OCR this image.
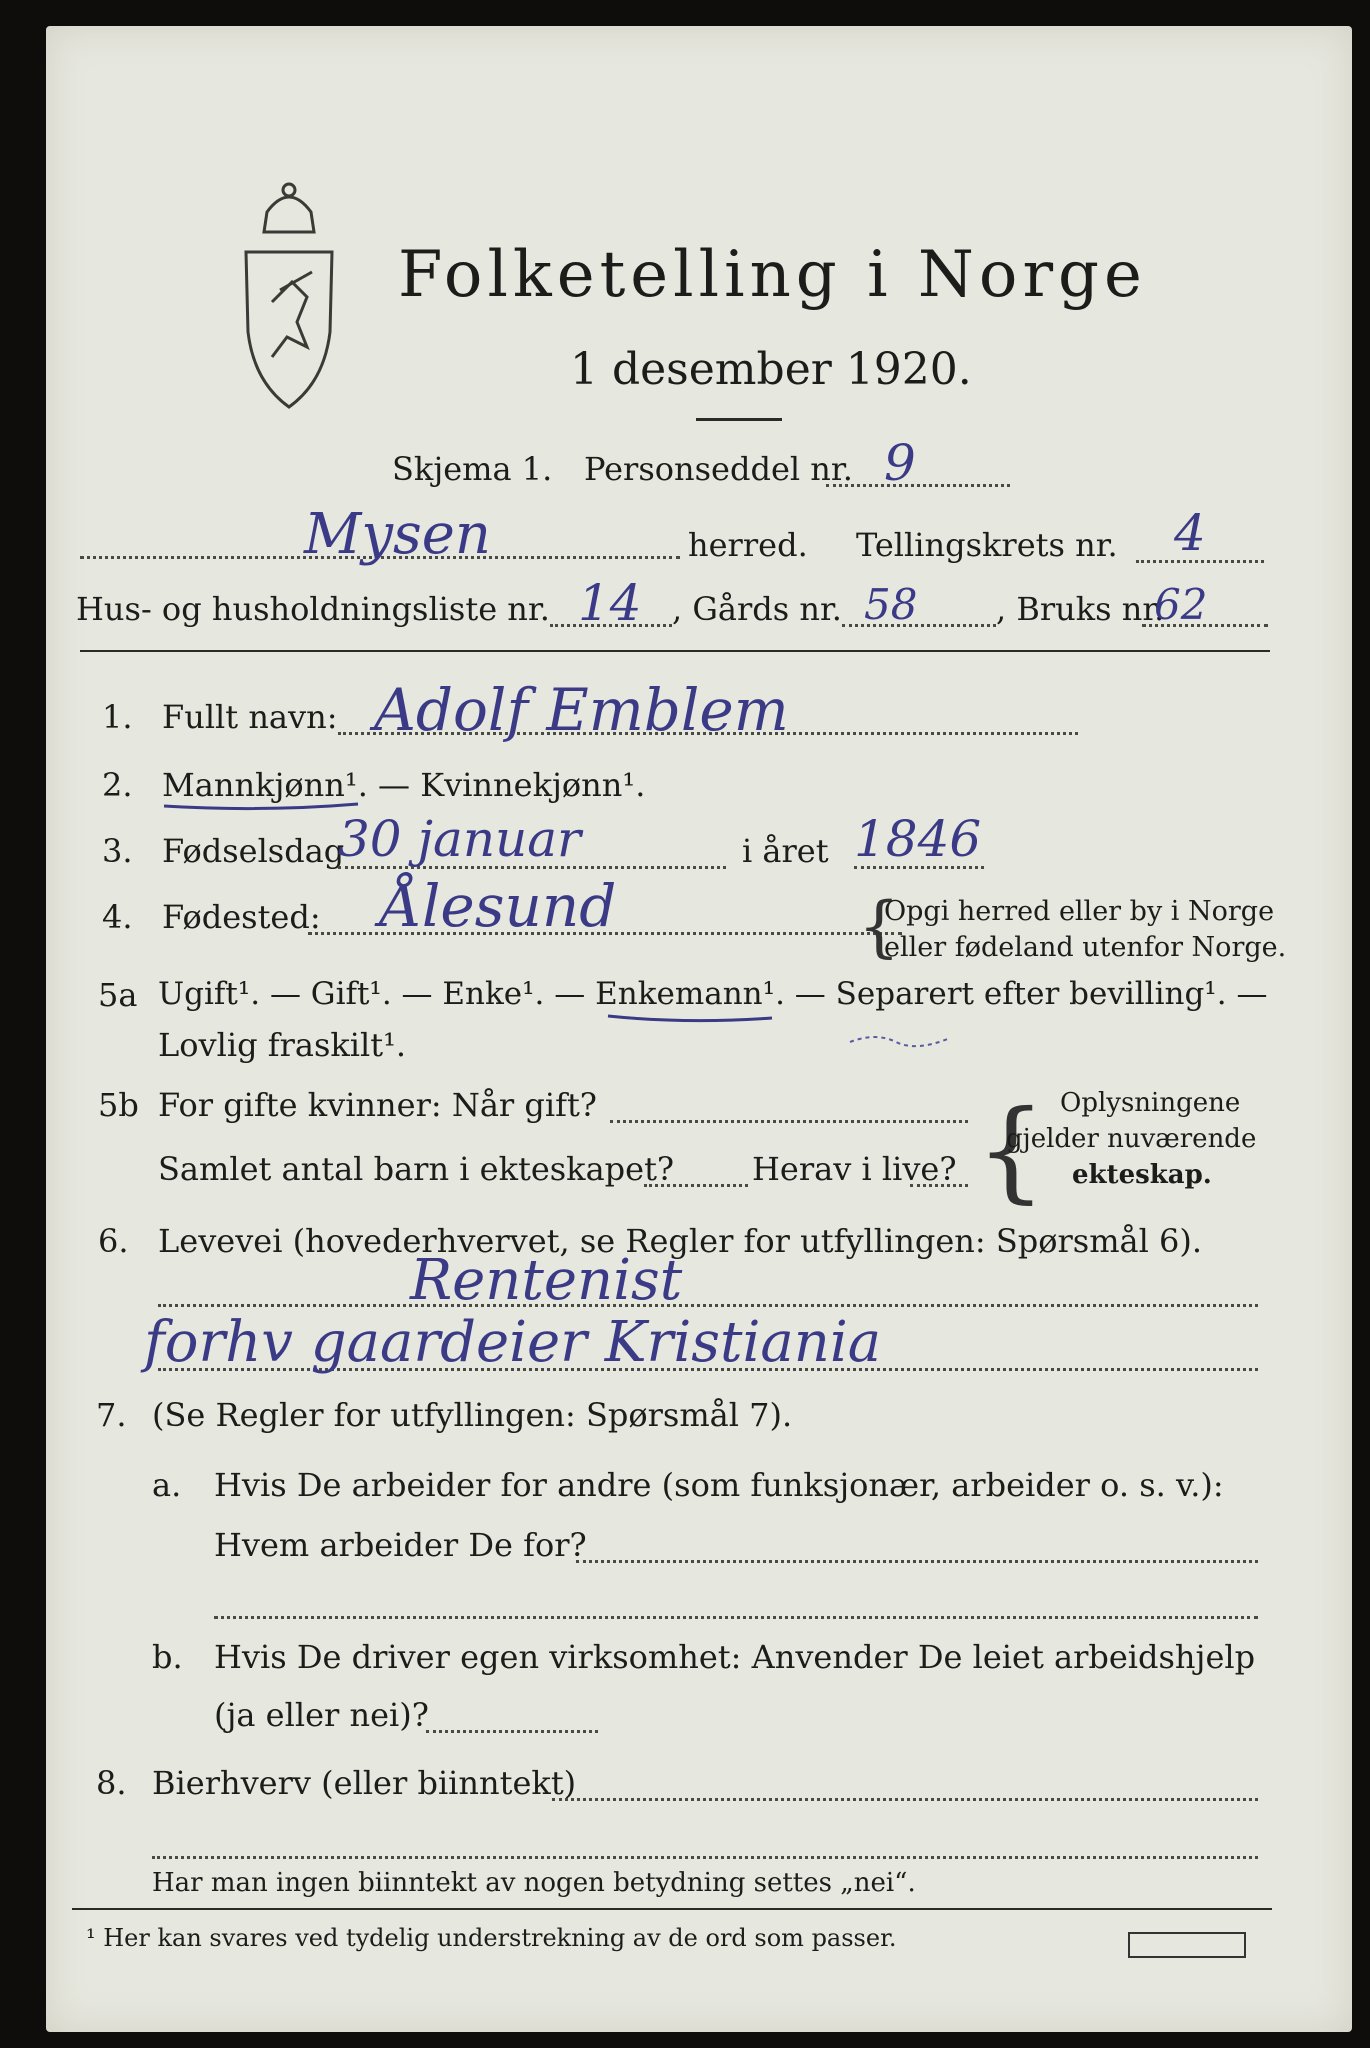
Folketelling i Norge
1 desember 1920.
Skjema 1. Personseddel nr. 9
Mysen	herred. Tellingskrets nr. 4
Hus- og husholdningsliste nr. 14 , Gårds nr. 58 , Bruks nr.
62
1. Fullt navn: Adolf Emblem
2. Mannkjønn¹. — Kvinnekjønn¹.
3. Fødselsdag
30 januar	i året 1846
4. Fødested: Ålesund	{
Opgi herred eller by i Norge
eller fødeland utenfor Norge.
5a Ugift¹. — Gift¹. — Enke¹. — Enkemann¹. — Separert efter bevilling¹. —
Lovlig fraskilt¹.
5b For gifte kvinner: Når gift?
Samlet antal barn i ekteskapet? Herav i live? { Oplysningene
gjelder nuværende
ekteskap.
6. Levevei (hovederhvervet, se Regler for utfyllingen: Spørsmål 6).
Rentenist
forhv gaardeier Kristiania
7. (Se Regler for utfyllingen: Spørsmål 7).
a. Hvis De arbeider for andre (som funksjonær, arbeider o. s. v.):
Hvem arbeider De for?
b. Hvis De driver egen virksomhet: Anvender De leiet arbeidshjelp
(ja eller nei)?
8. Bierhverv (eller biinntekt)
Har man ingen biinntekt av nogen betydning settes „nei“.
¹ Her kan svares ved tydelig understrekning av de ord som passer.
